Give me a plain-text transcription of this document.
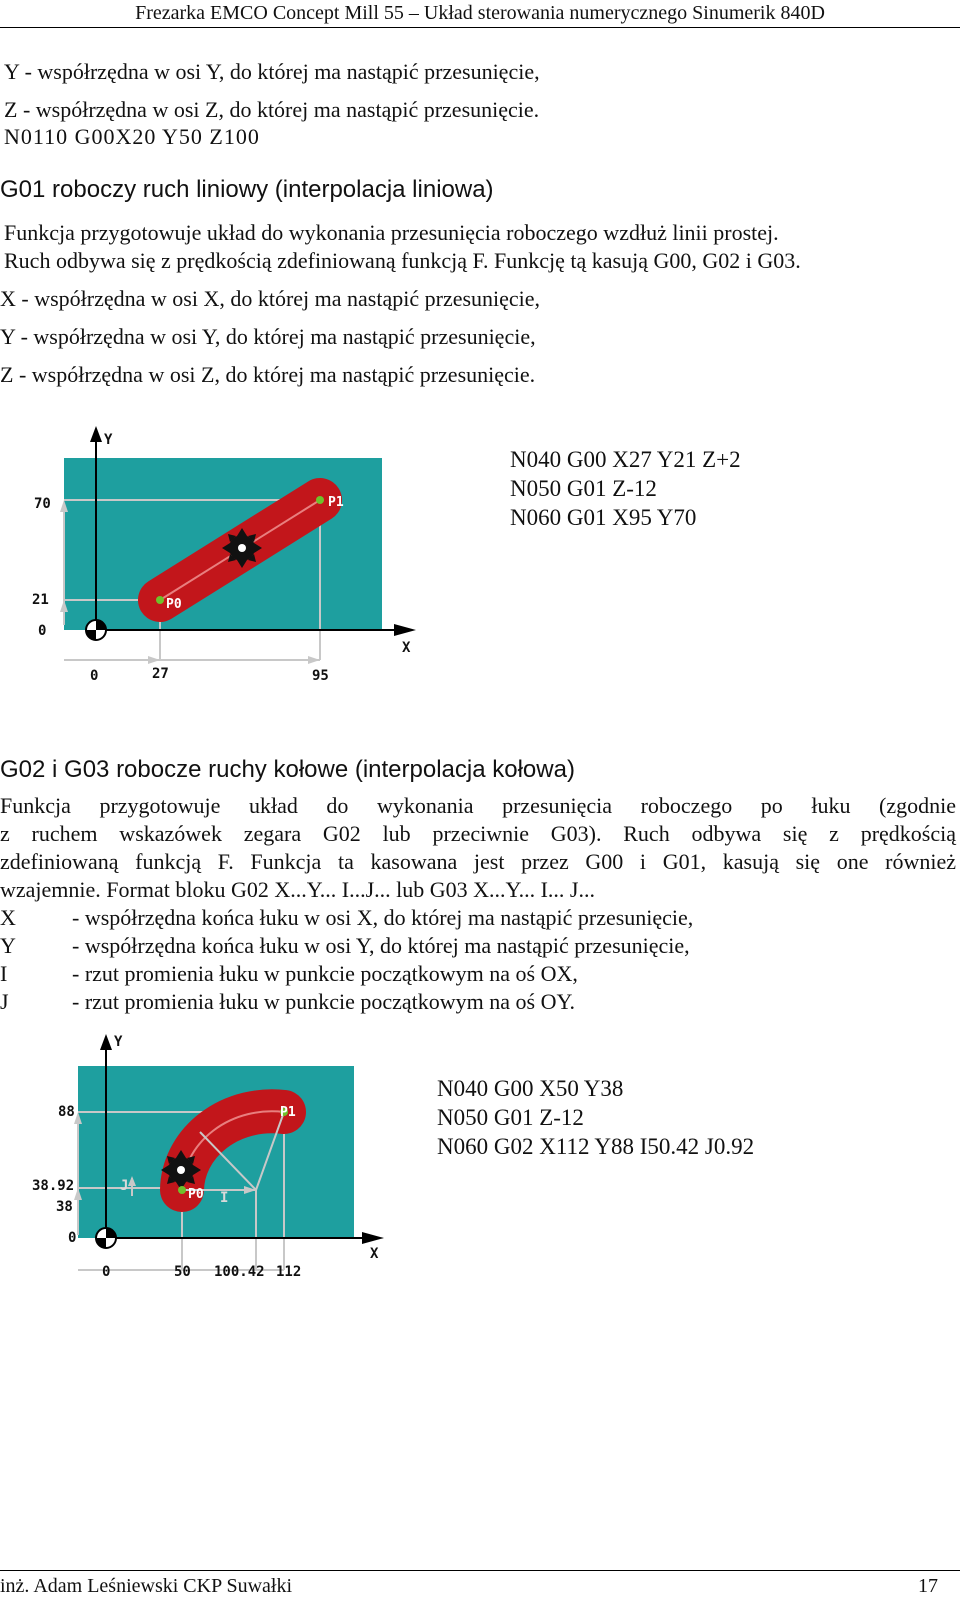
Frezarka EMCO Concept Mill 55 – Układ sterowania numerycznego Sinumerik 840D
Y - współrzędna w osi Y, do której ma nastąpić przesunięcie,
Z - współrzędna w osi Z, do której ma nastąpić przesunięcie.
N0110 G00X20 Y50 Z100
G01 roboczy ruch liniowy (interpolacja liniowa)
Funkcja przygotowuje układ do wykonania przesunięcia roboczego wzdłuż linii prostej.
Ruch odbywa się z prędkością zdefiniowaną funkcją F. Funkcję tą kasują G00, G02 i G03.
X - współrzędna w osi X, do której ma nastąpić przesunięcie,
Y - współrzędna w osi Y, do której ma nastąpić przesunięcie,
Z - współrzędna w osi Z, do której ma nastąpić przesunięcie.
P0
P1
Y
X
70
21
0
0	27	95
N040 G00 X27 Y21 Z+2
N050 G01 Z-12
N060 G01 X95 Y70
G02 i G03 robocze ruchy kołowe (interpolacja kołowa)
Funkcja przygotowuje układ do wykonania przesunięcia roboczego po łuku (zgodnie
z ruchem wskazówek zegara G02 lub przeciwnie G03). Ruch odbywa się z prędkością
zdefiniowaną funkcją F. Funkcja ta kasowana jest przez G00 i G01, kasują się one również
wzajemnie. Format bloku G02 X...Y... I...J... lub G03 X...Y... I... J...
X	- współrzędna końca łuku w osi X, do której ma nastąpić przesunięcie,
Y	- współrzędna końca łuku w osi Y, do której ma nastąpić przesunięcie,
I	- rzut promienia łuku w punkcie początkowym na oś OX,
J	- rzut promienia łuku w punkcie początkowym na oś OY.
J
I
P0
P1
Y
X
88
38.92
38
0
0	50 100.42 112
N040 G00 X50 Y38
N050 G01 Z-12
N060 G02 X112 Y88 I50.42 J0.92
inż. Adam Leśniewski CKP Suwałki	17
